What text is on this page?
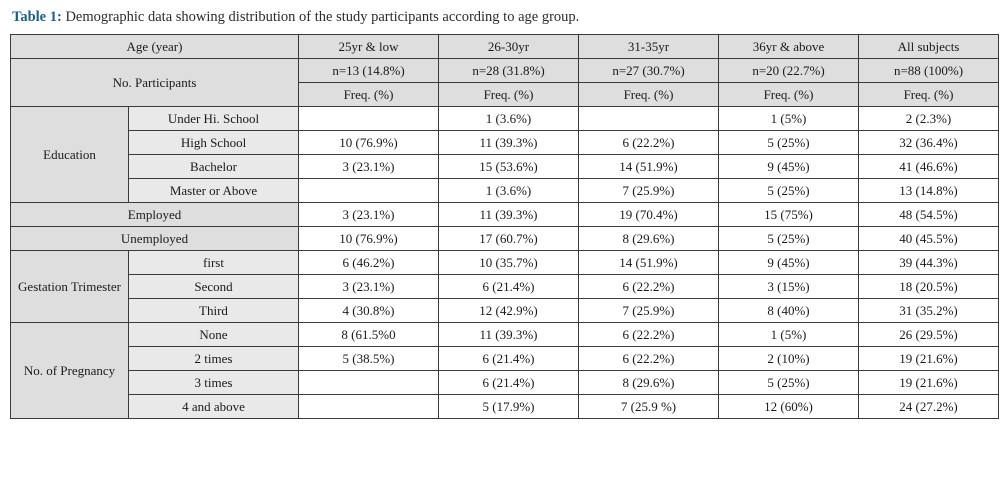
Table 1: Demographic data showing distribution of the study participants according to age group.

Age (year)		25yr & low	26-30yr	31-35yr	36yr & above	All subjects
No. Participants		n=13 (14.8%)	n=28 (31.8%)	n=27 (30.7%)	n=20 (22.7%)	n=88 (100%)
		Freq. (%)	Freq. (%)	Freq. (%)	Freq. (%)	Freq. (%)
Education	Under Hi. School		1 (3.6%)		1 (5%)	2 (2.3%)
	High School	10 (76.9%)	11 (39.3%)	6 (22.2%)	5 (25%)	32 (36.4%)
	Bachelor	3 (23.1%)	15 (53.6%)	14 (51.9%)	9 (45%)	41 (46.6%)
	Master or Above		1 (3.6%)	7 (25.9%)	5 (25%)	13 (14.8%)
Employed		3 (23.1%)	11 (39.3%)	19 (70.4%)	15 (75%)	48 (54.5%)
Unemployed		10 (76.9%)	17 (60.7%)	8 (29.6%)	5 (25%)	40 (45.5%)
Gestation Trimester	first	6 (46.2%)	10 (35.7%)	14 (51.9%)	9 (45%)	39 (44.3%)
	Second	3 (23.1%)	6 (21.4%)	6 (22.2%)	3 (15%)	18 (20.5%)
	Third	4 (30.8%)	12 (42.9%)	7 (25.9%)	8 (40%)	31 (35.2%)
No. of Pregnancy	None	8 (61.5%0	11 (39.3%)	6 (22.2%)	1 (5%)	26 (29.5%)
	2 times	5 (38.5%)	6 (21.4%)	6 (22.2%)	2 (10%)	19 (21.6%)
	3 times		6 (21.4%)	8 (29.6%)	5 (25%)	19 (21.6%)
	4 and above		5 (17.9%)	7 (25.9 %)	12 (60%)	24 (27.2%)
